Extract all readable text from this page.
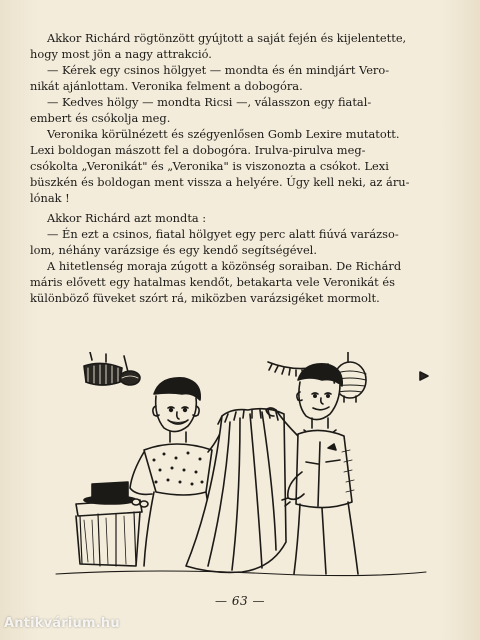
Akkor Richárd rögtönzött gyújtott a saját fején és kijelentette,
hogy most jön a nagy attrakció.

— Kérek egy csinos hölgyet — mondta és én mindjárt Vero-
nikát ajánlottam. Veronika felment a dobogóra.

— Kedves hölgy — mondta Ricsi —, válasszon egy fiatal-
embert és csókolja meg.

Veronika körülnézett és szégyenlősen Gomb Lexire mutatott.
Lexi boldogan mászott fel a dobogóra. Irulva-pirulva meg-
csókolta „Veronikát" és „Veronika" is viszonozta a csókot. Lexi
büszkén és boldogan ment vissza a helyére. Úgy kell neki, az áru-
lónak !

Akkor Richárd azt mondta :

— Én ezt a csinos, fiatal hölgyet egy perc alatt fiúvá varázso-
lom, néhány varázsige és egy kendő segítségével.

A hitetlenség moraja zúgott a közönség soraiban. De Richárd
máris elővett egy hatalmas kendőt, betakarta vele Veronikát és
különböző füveket szórt rá, miközben varázsigéket mormolt.

— 63 —
Antikvárium.hu
